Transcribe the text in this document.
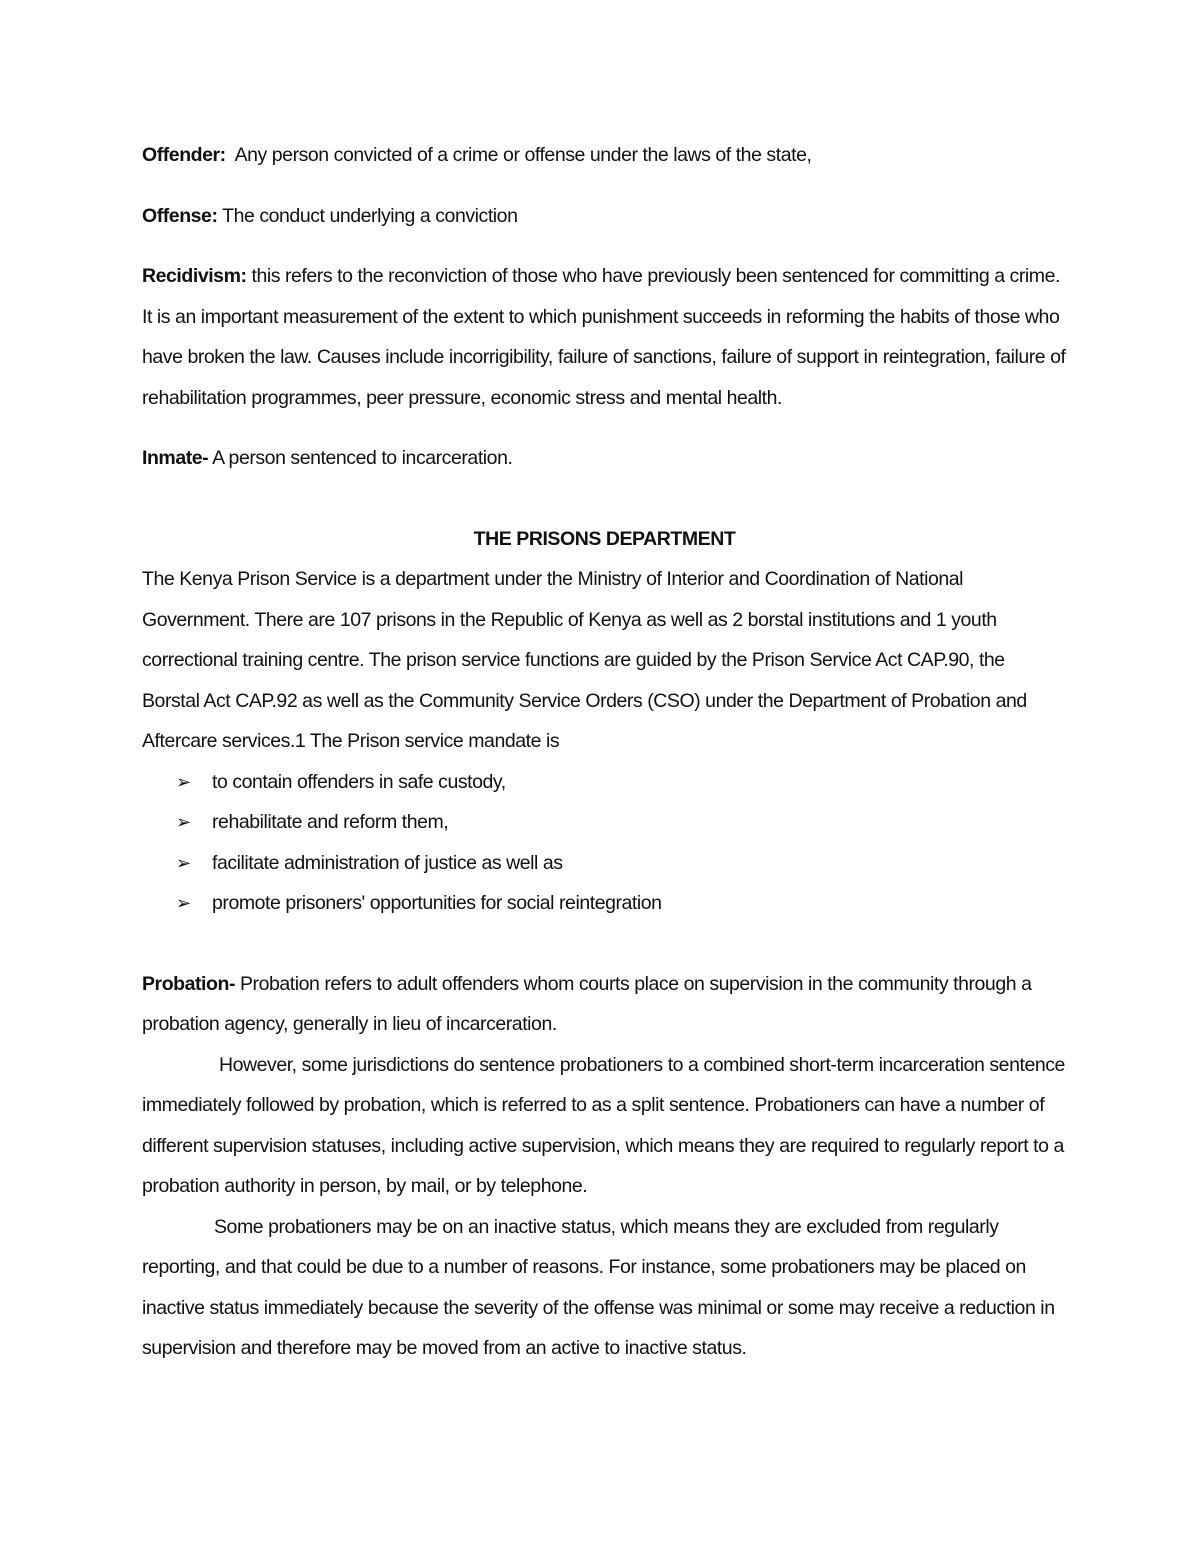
Offender:  Any person convicted of a crime or offense under the laws of the state,

Offense: The conduct underlying a conviction

Recidivism: this refers to the reconviction of those who have previously been sentenced for committing a crime. It is an important measurement of the extent to which punishment succeeds in reforming the habits of those who have broken the law. Causes include incorrigibility, failure of sanctions, failure of support in reintegration, failure of rehabilitation programmes, peer pressure, economic stress and mental health.

Inmate- A person sentenced to incarceration.

THE PRISONS DEPARTMENT

The Kenya Prison Service is a department under the Ministry of Interior and Coordination of National Government. There are 107 prisons in the Republic of Kenya as well as 2 borstal institutions and 1 youth correctional training centre. The prison service functions are guided by the Prison Service Act CAP.90, the Borstal Act CAP.92 as well as the Community Service Orders (CSO) under the Department of Probation and Aftercare services.1 The Prison service mandate is

➢ to contain offenders in safe custody,
➢ rehabilitate and reform them,
➢ facilitate administration of justice as well as
➢ promote prisoners' opportunities for social reintegration

Probation- Probation refers to adult offenders whom courts place on supervision in the community through a probation agency, generally in lieu of incarceration.

However, some jurisdictions do sentence probationers to a combined short-term incarceration sentence immediately followed by probation, which is referred to as a split sentence. Probationers can have a number of different supervision statuses, including active supervision, which means they are required to regularly report to a probation authority in person, by mail, or by telephone.

Some probationers may be on an inactive status, which means they are excluded from regularly reporting, and that could be due to a number of reasons. For instance, some probationers may be placed on inactive status immediately because the severity of the offense was minimal or some may receive a reduction in supervision and therefore may be moved from an active to inactive status.
